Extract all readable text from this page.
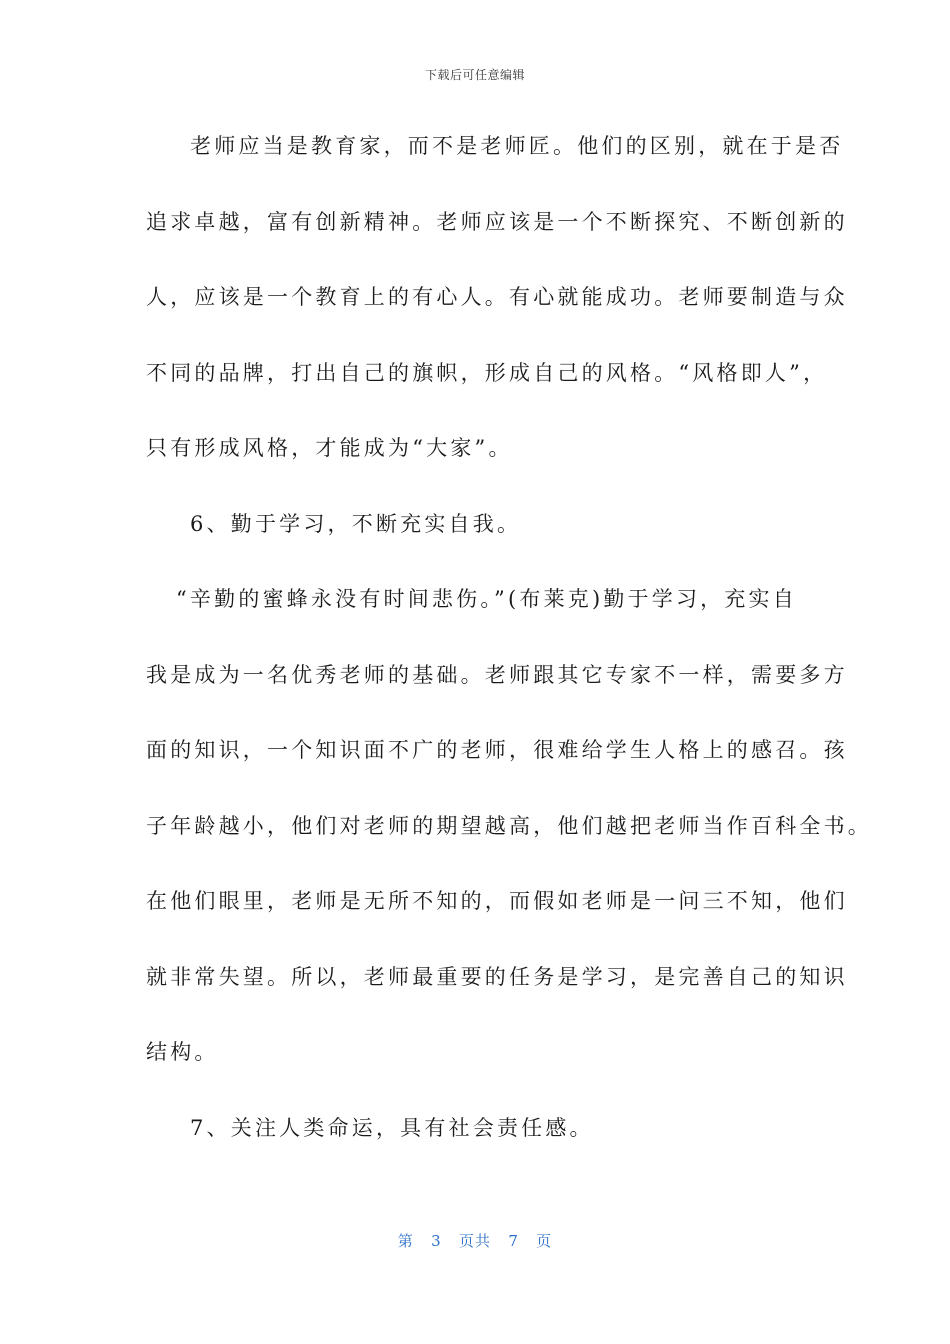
下载后可任意编辑
老师应当是教育家，而不是老师匠。他们的区别，就在于是否
追求卓越，富有创新精神。老师应该是一个不断探究、不断创新的
人，应该是一个教育上的有心人。有心就能成功。老师要制造与众
不同的品牌，打出自己的旗帜，形成自己的风格。“风格即人”，
只有形成风格，才能成为“大家”。
6、勤于学习，不断充实自我。
“辛勤的蜜蜂永没有时间悲伤。”(布莱克)勤于学习，充实自
我是成为一名优秀老师的基础。老师跟其它专家不一样，需要多方
面的知识，一个知识面不广的老师，很难给学生人格上的感召。孩
子年龄越小，他们对老师的期望越高，他们越把老师当作百科全书。
在他们眼里，老师是无所不知的，而假如老师是一问三不知，他们
就非常失望。所以，老师最重要的任务是学习，是完善自己的知识
结构。
7、关注人类命运，具有社会责任感。
第 3 页共 7 页
